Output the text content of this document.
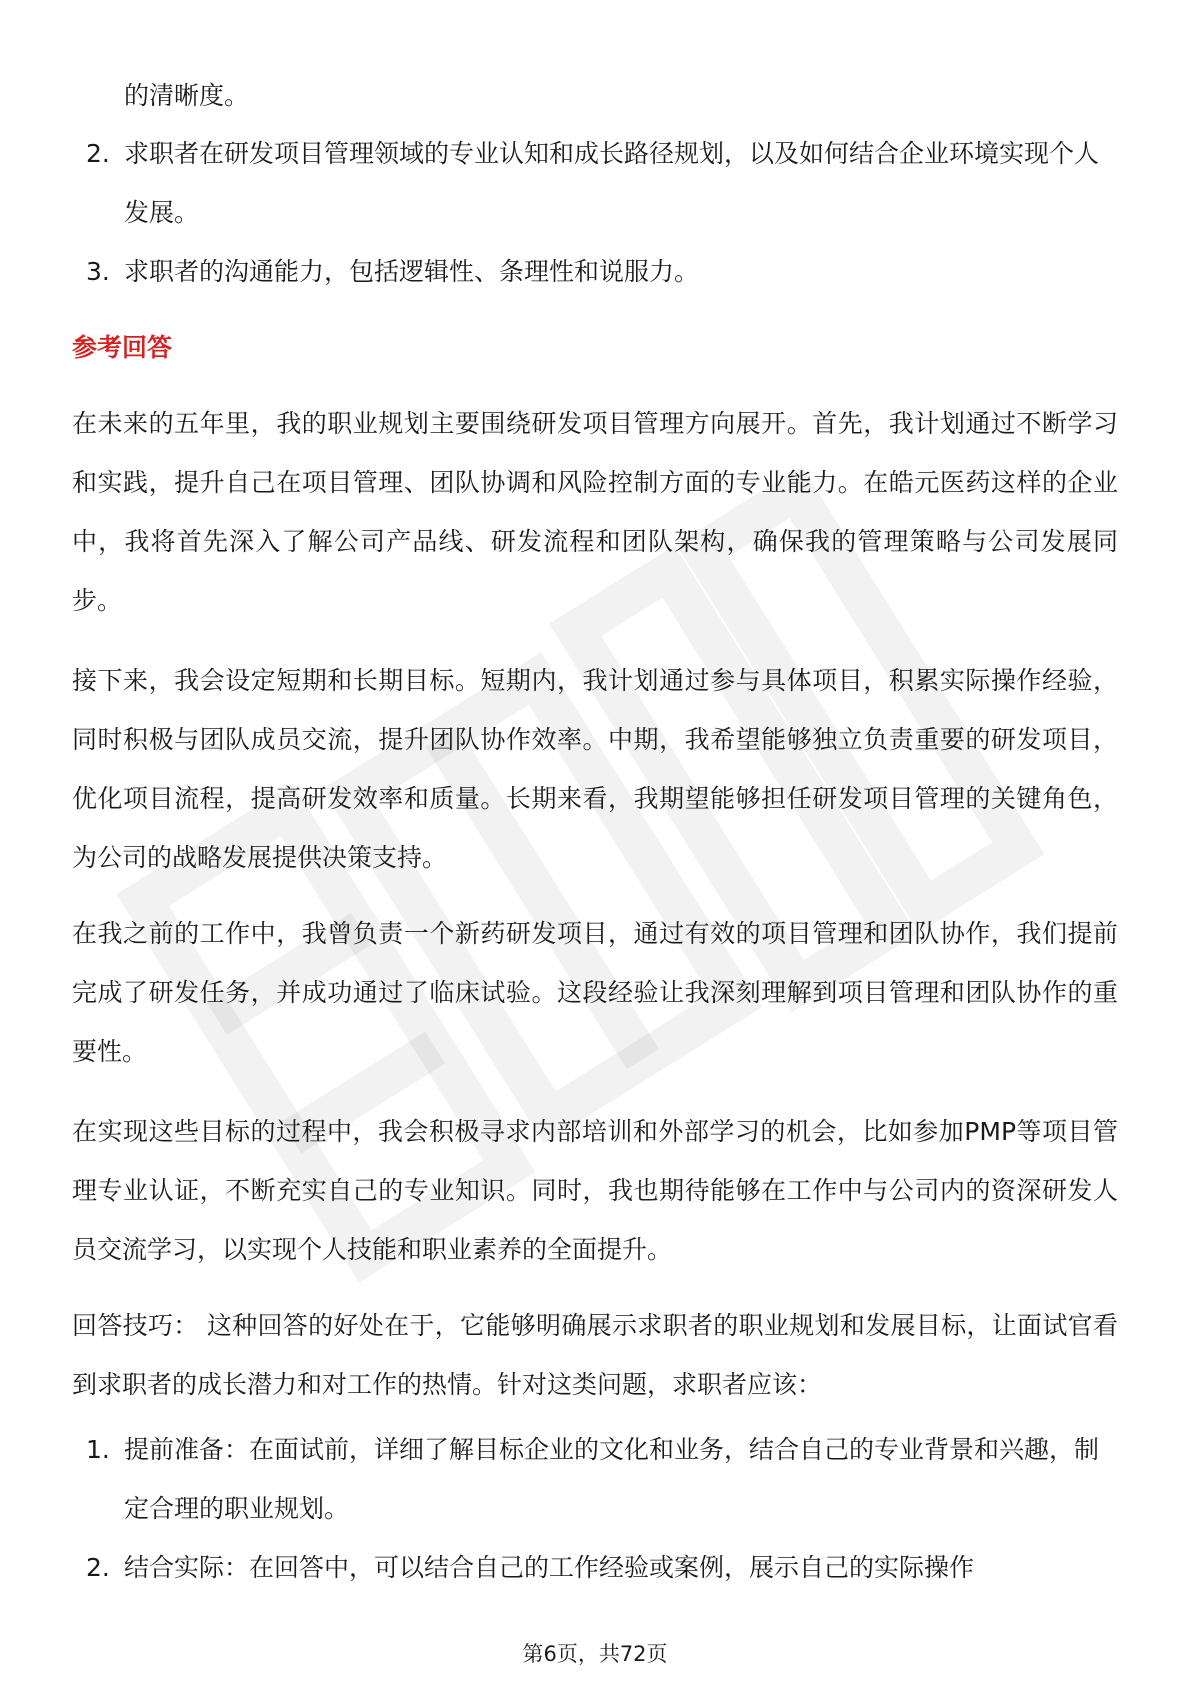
的清晰度。

2. 求职者在研发项目管理领域的专业认知和成长路径规划，以及如何结合企业环境实现个人发展。
3. 求职者的沟通能力，包括逻辑性、条理性和说服力。
参考回答

在未来的五年里，我的职业规划主要围绕研发项目管理方向展开。首先，我计划通过不断学习和实践，提升自己在项目管理、团队协调和风险控制方面的专业能力。在皓元医药这样的企业中，我将首先深入了解公司产品线、研发流程和团队架构，确保我的管理策略与公司发展同步。

接下来，我会设定短期和长期目标。短期内，我计划通过参与具体项目，积累实际操作经验，同时积极与团队成员交流，提升团队协作效率。中期，我希望能够独立负责重要的研发项目，优化项目流程，提高研发效率和质量。长期来看，我期望能够担任研发项目管理的关键角色，为公司的战略发展提供决策支持。

在我之前的工作中，我曾负责一个新药研发项目，通过有效的项目管理和团队协作，我们提前完成了研发任务，并成功通过了临床试验。这段经验让我深刻理解到项目管理和团队协作的重要性。

在实现这些目标的过程中，我会积极寻求内部培训和外部学习的机会，比如参加PMP等项目管理专业认证，不断充实自己的专业知识。同时，我也期待能够在工作中与公司内的资深研发人员交流学习，以实现个人技能和职业素养的全面提升。

回答技巧： 这种回答的好处在于，它能够明确展示求职者的职业规划和发展目标，让面试官看到求职者的成长潜力和对工作的热情。针对这类问题，求职者应该：

1. 提前准备：在面试前，详细了解目标企业的文化和业务，结合自己的专业背景和兴趣，制定合理的职业规划。
2. 结合实际：在回答中，可以结合自己的工作经验或案例，展示自己的实际操作
第6页，共72页
